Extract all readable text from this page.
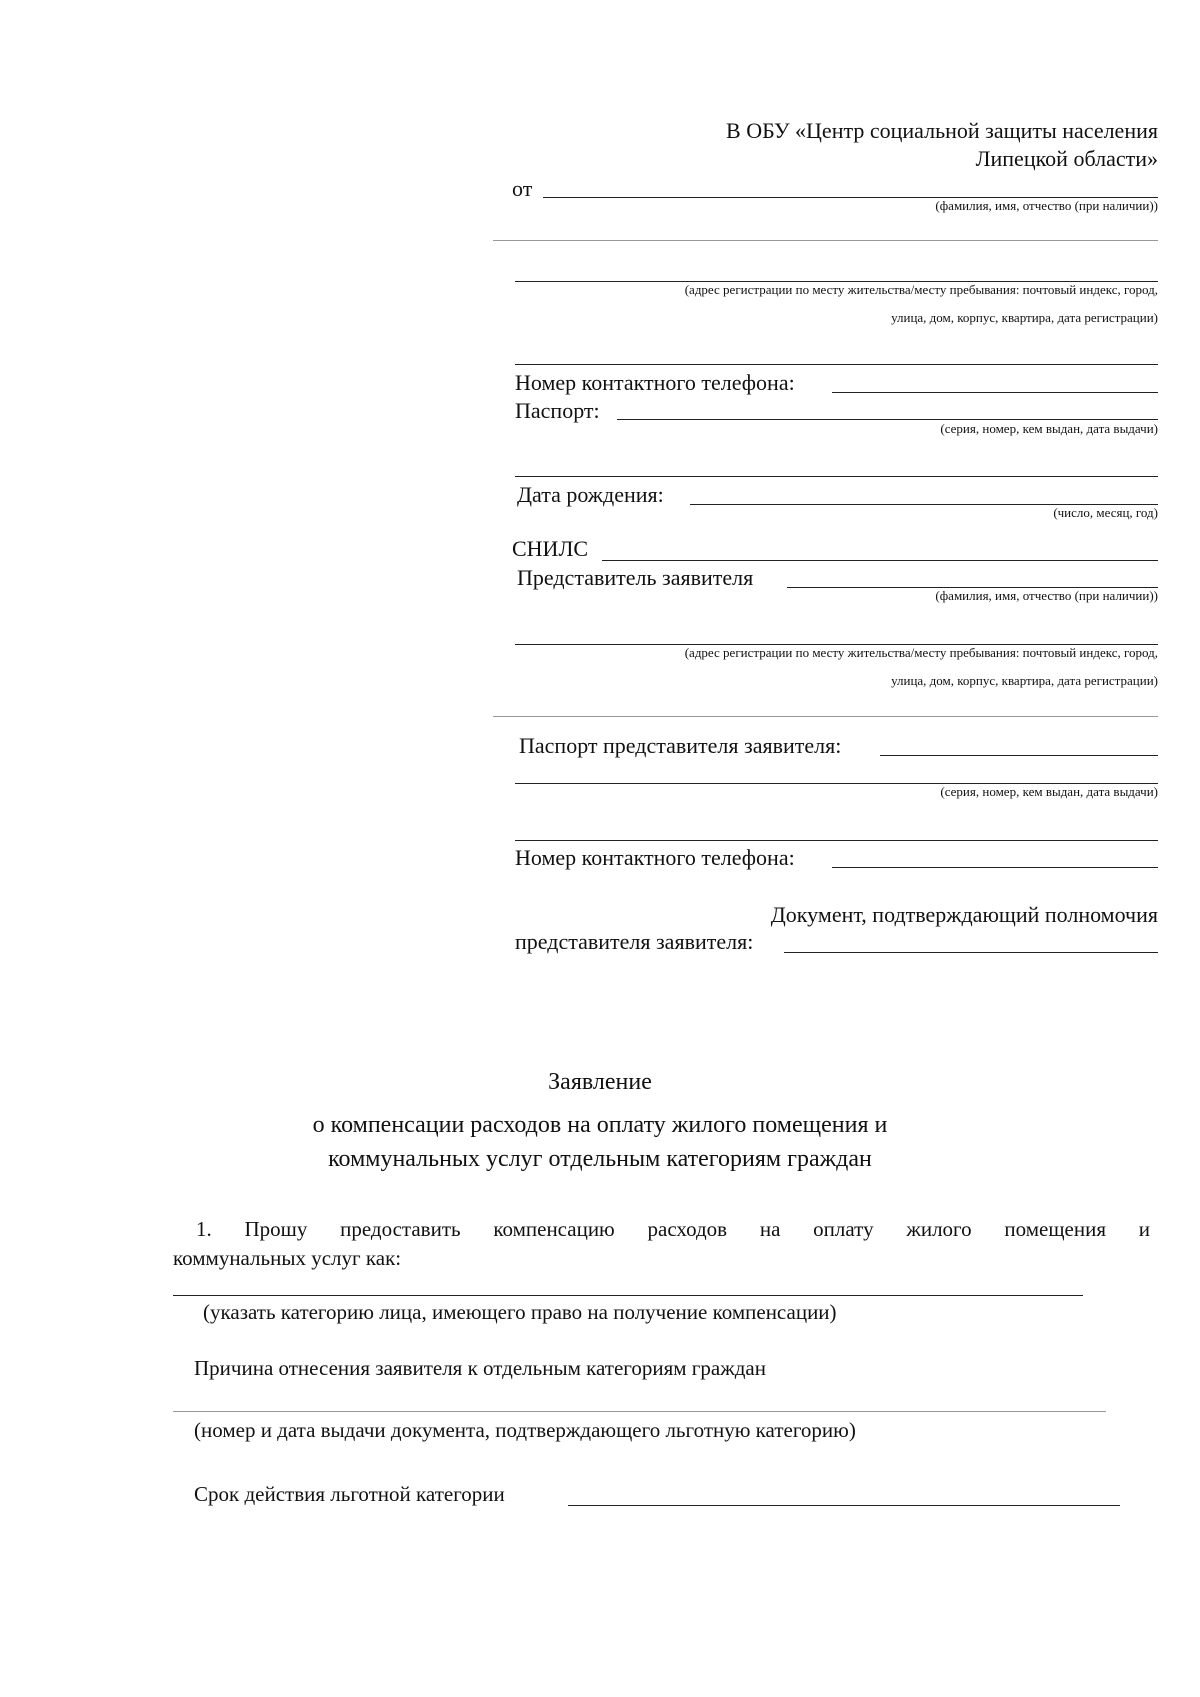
В ОБУ «Центр социальной защиты населения
Липецкой области»
от
(фамилия, имя, отчество (при наличии))
(адрес регистрации по месту жительства/месту пребывания: почтовый индекс, город,
улица, дом, корпус, квартира, дата регистрации)
Номер контактного телефона:
Паспорт:
(серия, номер, кем выдан, дата выдачи)
Дата рождения:
(число, месяц, год)
СНИЛС
Представитель заявителя
(фамилия, имя, отчество (при наличии))
(адрес регистрации по месту жительства/месту пребывания: почтовый индекс, город,
улица, дом, корпус, квартира, дата регистрации)
Паспорт представителя заявителя:
(серия, номер, кем выдан, дата выдачи)
Номер контактного телефона:
Документ, подтверждающий полномочия
представителя заявителя:
Заявление
о компенсации расходов на оплату жилого помещения и
коммунальных услуг отдельным категориям граждан
1. Прошу предоставить компенсацию расходов на оплату жилого помещения и
коммунальных услуг как:
(указать категорию лица, имеющего право на получение компенсации)
Причина отнесения заявителя к отдельным категориям граждан
(номер и дата выдачи документа, подтверждающего льготную категорию)
Срок действия льготной категории
